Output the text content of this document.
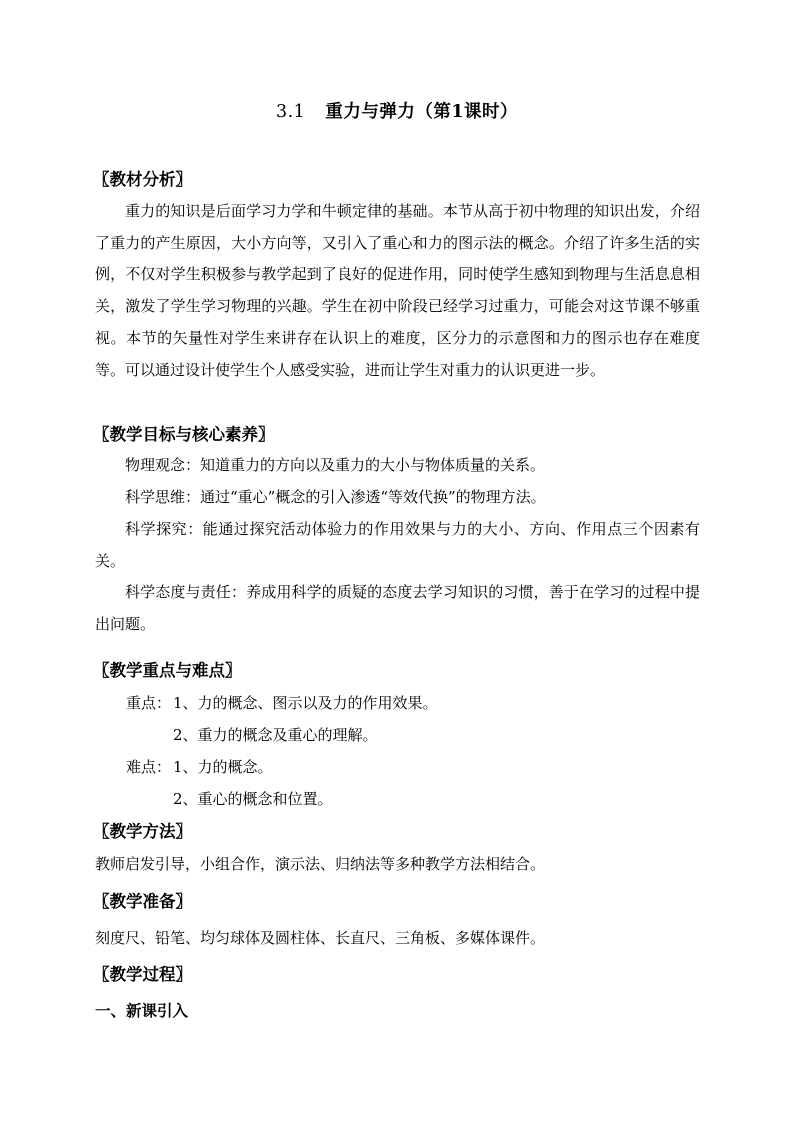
3.1 重力与弹力（第1课时）
〖教材分析〗
重力的知识是后面学习力学和牛顿定律的基础。本节从高于初中物理的知识出发，介绍了重力的产生原因，大小方向等，又引入了重心和力的图示法的概念。介绍了许多生活的实例，不仅对学生积极参与教学起到了良好的促进作用，同时使学生感知到物理与生活息息相关，激发了学生学习物理的兴趣。学生在初中阶段已经学习过重力，可能会对这节课不够重视。本节的矢量性对学生来讲存在认识上的难度，区分力的示意图和力的图示也存在难度等。可以通过设计使学生个人感受实验，进而让学生对重力的认识更进一步。
〖教学目标与核心素养〗
物理观念：知道重力的方向以及重力的大小与物体质量的关系。
科学思维：通过“重心”概念的引入渗透“等效代换”的物理方法。
科学探究：能通过探究活动体验力的作用效果与力的大小、方向、作用点三个因素有关。
科学态度与责任：养成用科学的质疑的态度去学习知识的习惯，善于在学习的过程中提出问题。
〖教学重点与难点〗
重点： 1、力的概念、图示以及力的作用效果。
2、重力的概念及重心的理解。
难点： 1、力的概念。
2、重心的概念和位置。
〖教学方法〗
教师启发引导，小组合作，演示法、归纳法等多种教学方法相结合。
〖教学准备〗
刻度尺、铅笔、均匀球体及圆柱体、长直尺、三角板、多媒体课件。
〖教学过程〗
一、新课引入
